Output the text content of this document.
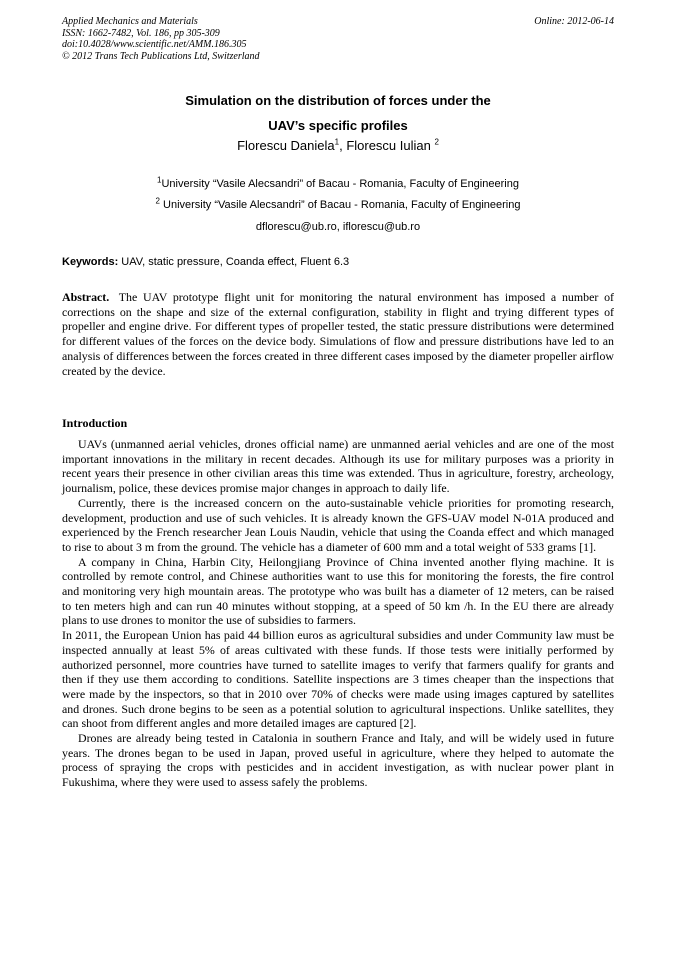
Applied Mechanics and Materials
ISSN: 1662-7482, Vol. 186, pp 305-309
doi:10.4028/www.scientific.net/AMM.186.305
© 2012 Trans Tech Publications Ltd, Switzerland
Online: 2012-06-14
Simulation on the distribution of forces under the
UAV’s specific profiles
Florescu Daniela$^1$, Florescu Iulian $^2$
$^1$University “Vasile Alecsandri” of Bacau - Romania, Faculty of Engineering
$^2$ University “Vasile Alecsandri” of Bacau - Romania, Faculty of Engineering
dflorescu@ub.ro, iflorescu@ub.ro
Keywords: UAV, static pressure, Coanda effect, Fluent 6.3
Abstract. The UAV prototype flight unit for monitoring the natural environment has imposed a number of corrections on the shape and size of the external configuration, stability in flight and trying different types of propeller and engine drive. For different types of propeller tested, the static pressure distributions were determined for different values of the forces on the device body. Simulations of flow and pressure distributions have led to an analysis of differences between the forces created in three different cases imposed by the diameter propeller airflow created by the device.
Introduction

UAVs (unmanned aerial vehicles, drones official name) are unmanned aerial vehicles and are one of the most important innovations in the military in recent decades. Although its use for military purposes was a priority in recent years their presence in other civilian areas this time was extended. Thus in agriculture, forestry, archeology, journalism, police, these devices promise major changes in approach to daily life.

Currently, there is the increased concern on the auto-sustainable vehicle priorities for promoting research, development, production and use of such vehicles. It is already known the GFS-UAV model N-01A produced and experienced by the French researcher Jean Louis Naudin, vehicle that using the Coanda effect and which managed to rise to about 3 m from the ground. The vehicle has a diameter of 600 mm and a total weight of 533 grams [1].

A company in China, Harbin City, Heilongjiang Province of China invented another flying machine. It is controlled by remote control, and Chinese authorities want to use this for monitoring the forests, the fire control and monitoring very high mountain areas. The prototype who was built has a diameter of 12 meters, can be raised to ten meters high and can run 40 minutes without stopping, at a speed of 50 km /h. In the EU there are already plans to use drones to monitor the use of subsidies to farmers.

In 2011, the European Union has paid 44 billion euros as agricultural subsidies and under Community law must be inspected annually at least 5% of areas cultivated with these funds. If those tests were initially performed by authorized personnel, more countries have turned to satellite images to verify that farmers qualify for grants and then if they use them according to conditions. Satellite inspections are 3 times cheaper than the inspections that were made by the inspectors, so that in 2010 over 70% of checks were made using images captured by satellites and drones. Such drone begins to be seen as a potential solution to agricultural inspections. Unlike satellites, they can shoot from different angles and more detailed images are captured [2].

Drones are already being tested in Catalonia in southern France and Italy, and will be widely used in future years. The drones began to be used in Japan, proved useful in agriculture, where they helped to automate the process of spraying the crops with pesticides and in accident investigation, as with nuclear power plant in Fukushima, where they were used to assess safely the problems.
